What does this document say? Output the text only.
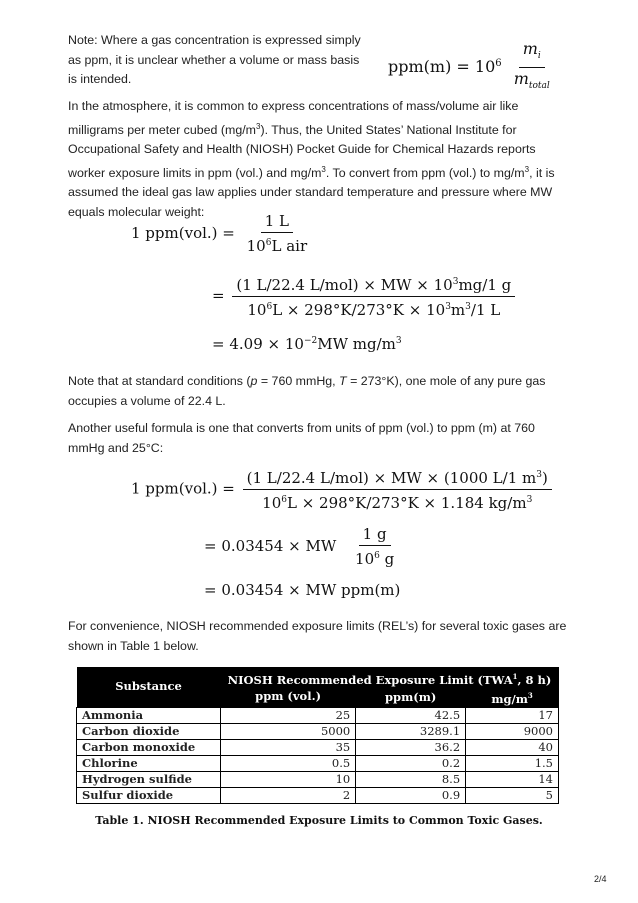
Note: Where a gas concentration is expressed simply as ppm, it is unclear whether a volume or mass basis is intended.

$ppm(m) = 10^6 \frac{m_i}{m_{total}}$

In the atmosphere, it is common to express concentrations of mass/volume air like milligrams per meter cubed $(mg/m^3)$. Thus, the United States’ National Institute for Occupational Safety and Health (NIOSH) Pocket Guide for Chemical Hazards reports worker exposure limits in ppm (vol.) and $mg/m^3$. To convert from ppm (vol.) to $mg/m^3$, it is assumed the ideal gas law applies under standard temperature and pressure where MW equals molecular weight:

1 $ppm(vol.) = \frac{1 L}{10^6L air}$
= $\frac{(1 L/22.4 L/mol) \times MW \times 10^3mg/1 g}{10^6L \times 298^\circ K/273^\circ K \times 10^3m^3/1 L}$
= $4.09 \times 10^{-2}MW$ $mg/m^3$

Note that at standard conditions (p = 760 mmHg, T = 273°K), one mole of any pure gas occupies a volume of 22.4 L.

Another useful formula is one that converts from units of ppm (vol.) to ppm (m) at 760 mmHg and 25°C:

1 $ppm(vol.) = \frac{(1 L/22.4 L/mol) \times MW \times (1000 L/1 m^3)}{10^6L \times 298^\circ K/273^\circ K \times 1.184 kg/m^3}$
= 0.03454 × MW $\frac{1 g}{10^6 g}$
= 0.03454 × MW ppm(m)

For convenience, NIOSH recommended exposure limits (REL’s) for several toxic gases are shown in Table 1 below.

Substance	NIOSH Recommended Exposure Limit (TWA$^1$, 8 h)		
	ppm (vol.)	ppm(m)	$mg/m^3$
Ammonia	25	42.5	17
Carbon dioxide	5000	3289.1	9000
Carbon monoxide	35	36.2	40
Chlorine	0.5	0.2	1.5
Hydrogen sulfide	10	8.5	14
Sulfur dioxide	2	0.9	5
Table 1. NIOSH Recommended Exposure Limits to Common Toxic Gases.
2/4
